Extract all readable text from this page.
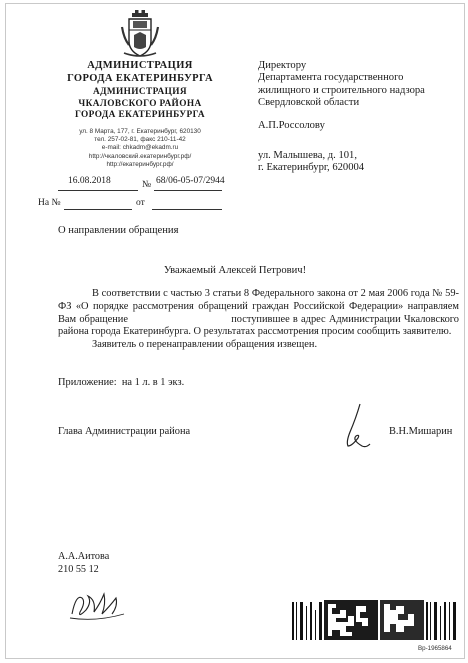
АДМИНИСТРАЦИЯ
ГОРОДА ЕКАТЕРИНБУРГА
АДМИНИСТРАЦИЯ
ЧКАЛОВСКОГО РАЙОНА
ГОРОДА ЕКАТЕРИНБУРГА
ул. 8 Марта, 177, г. Екатеринбург, 620130
тел. 257-02-81, факс 210-11-42
e-mail: chkadm@ekadm.ru
http://чкаловский.екатеринбург.рф/
http://екатеринбург.рф/
16.08.2018	№ 68/06-05-07/2944
На №	от
Директору
Департамента государственного
жилищного и строительного надзора
Свердловской области
А.П.Россолову
ул. Малышева, д. 101,
г. Екатеринбург, 620004
О направлении обращения
Уважаемый Алексей Петрович!

В соответствии с частью 3 статьи 8 Федерального закона от 2 мая 2006 года № 59-ФЗ «О порядке рассмотрения обращений граждан Российской Федерации» направляем Вам обращение                                поступившее в адрес Администрации Чкаловского района города Екатеринбурга. О результатах рассмотрения просим сообщить заявителю.

Заявитель о перенаправлении обращения извещен.

Приложение:  на 1 л. в 1 экз.
Глава Администрации района	В.Н.Мишарин
А.А.Аитова
210 55 12
Вр-1965864
